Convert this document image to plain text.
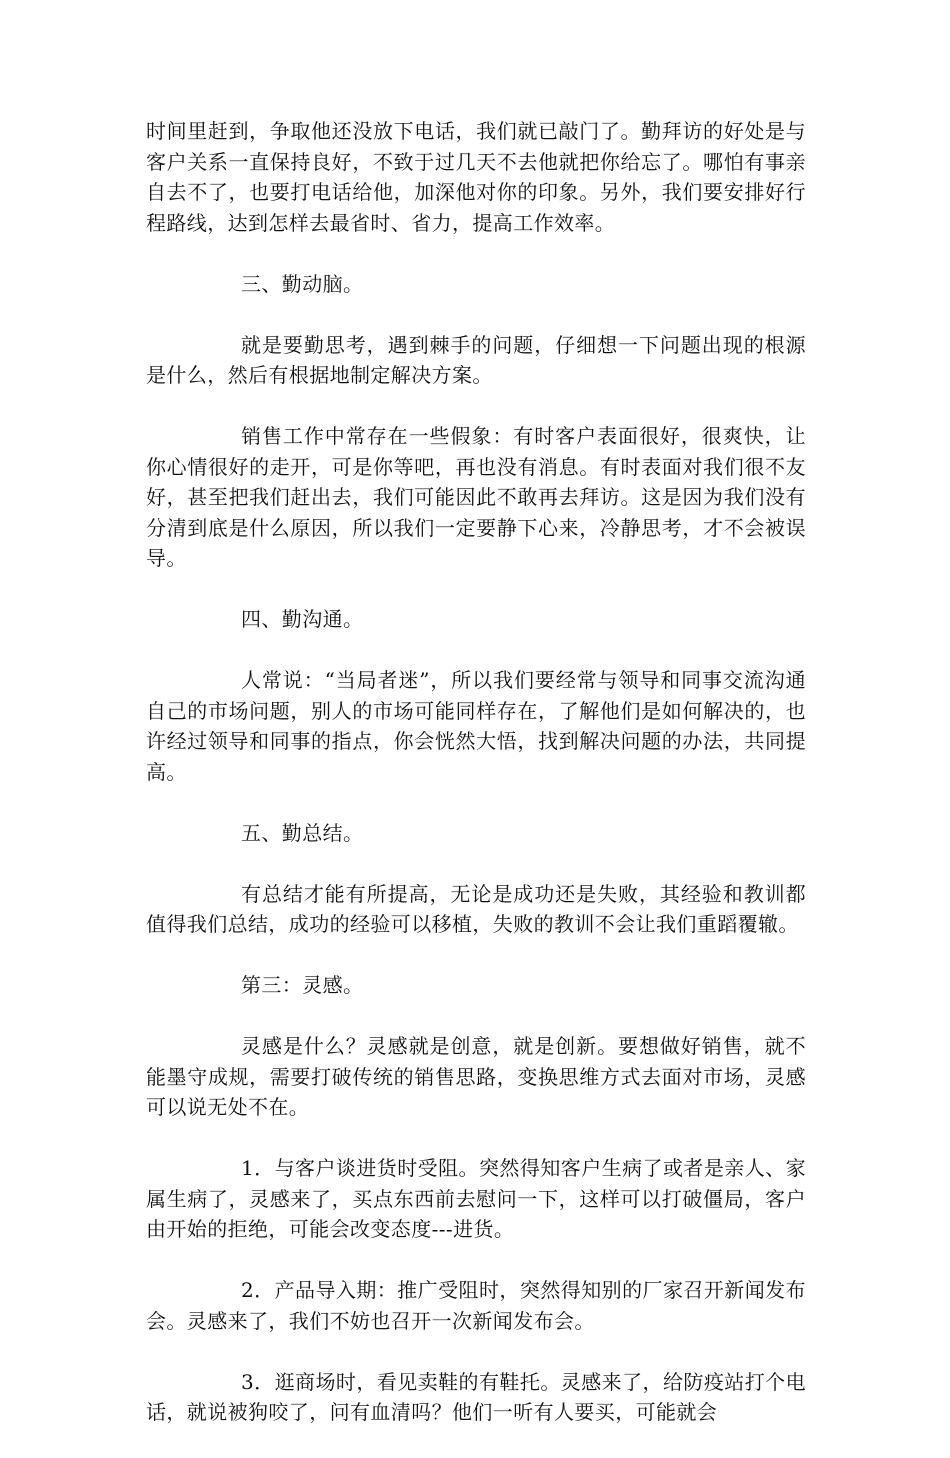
时间里赶到，争取他还没放下电话，我们就已敲门了。勤拜访的好处是与客户关系一直保持良好，不致于过几天不去他就把你给忘了。哪怕有事亲自去不了，也要打电话给他，加深他对你的印象。另外，我们要安排好行程路线，达到怎样去最省时、省力，提高工作效率。

三、勤动脑。

就是要勤思考，遇到棘手的问题，仔细想一下问题出现的根源是什么，然后有根据地制定解决方案。

销售工作中常存在一些假象：有时客户表面很好，很爽快，让你心情很好的走开，可是你等吧，再也没有消息。有时表面对我们很不友好，甚至把我们赶出去，我们可能因此不敢再去拜访。这是因为我们没有分清到底是什么原因，所以我们一定要静下心来，冷静思考，才不会被误导。

四、勤沟通。

人常说：“当局者迷”，所以我们要经常与领导和同事交流沟通自己的市场问题，别人的市场可能同样存在，了解他们是如何解决的，也许经过领导和同事的指点，你会恍然大悟，找到解决问题的办法，共同提高。

五、勤总结。

有总结才能有所提高，无论是成功还是失败，其经验和教训都值得我们总结，成功的经验可以移植，失败的教训不会让我们重蹈覆辙。

第三：灵感。

灵感是什么？灵感就是创意，就是创新。要想做好销售，就不能墨守成规，需要打破传统的销售思路，变换思维方式去面对市场，灵感可以说无处不在。

1．与客户谈进货时受阻。突然得知客户生病了或者是亲人、家属生病了，灵感来了，买点东西前去慰问一下，这样可以打破僵局，客户由开始的拒绝，可能会改变态度---进货。

2．产品导入期：推广受阻时，突然得知别的厂家召开新闻发布会。灵感来了，我们不妨也召开一次新闻发布会。

3．逛商场时，看见卖鞋的有鞋托。灵感来了，给防疫站打个电话，就说被狗咬了，问有血清吗？他们一听有人要买，可能就会
